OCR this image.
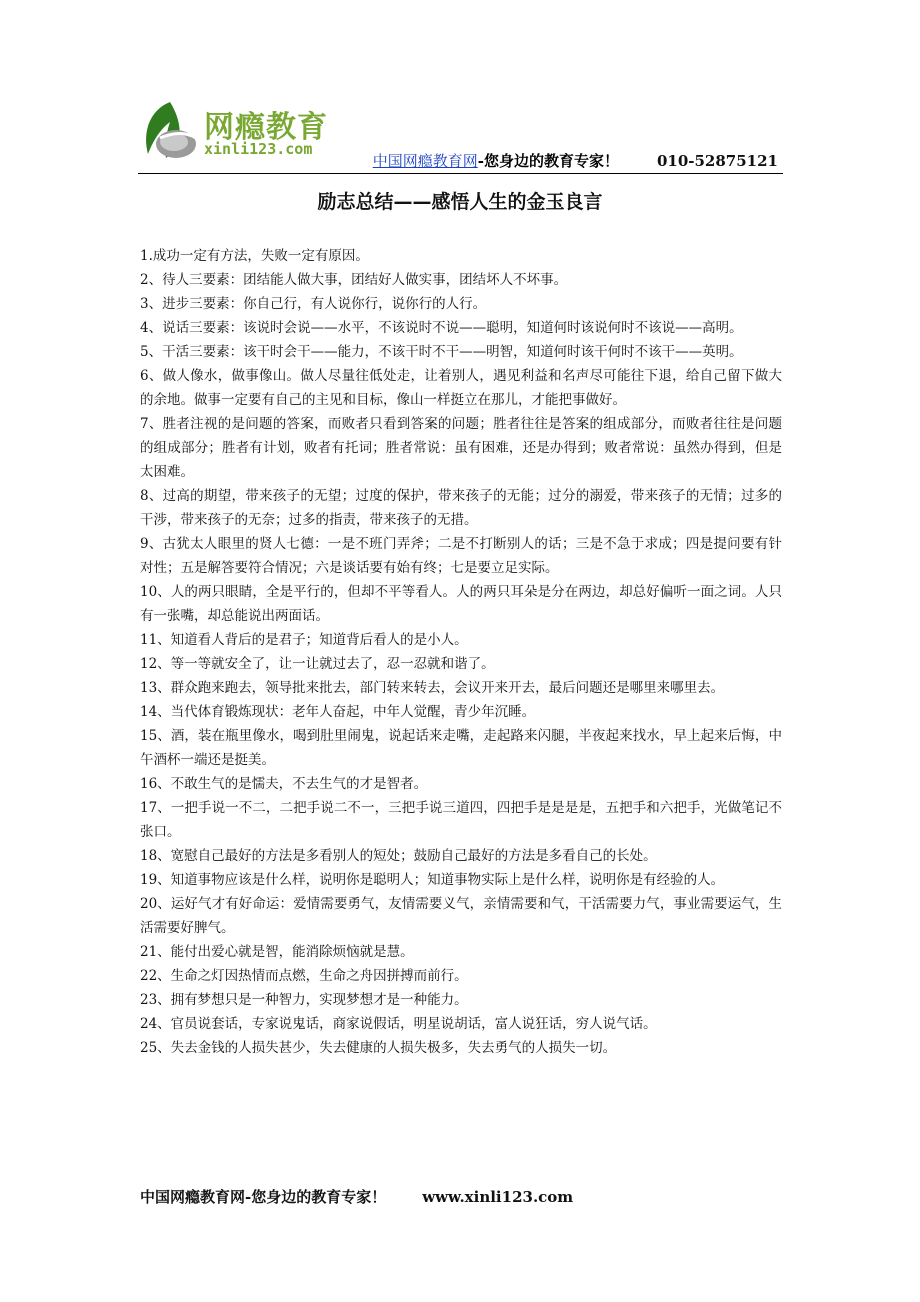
网瘾教育
xinli123.com
中国网瘾教育网-您身边的教育专家！	010-52875121
励志总结——感悟人生的金玉良言

1.成功一定有方法，失败一定有原因。

2、待人三要素：团结能人做大事，团结好人做实事，团结坏人不坏事。

3、进步三要素：你自己行，有人说你行，说你行的人行。

4、说话三要素：该说时会说——水平，不该说时不说——聪明，知道何时该说何时不该说——高明。

5、干活三要素：该干时会干——能力，不该干时不干——明智，知道何时该干何时不该干——英明。

6、做人像水，做事像山。做人尽量往低处走，让着别人，遇见利益和名声尽可能往下退，给自己留下做大的余地。做事一定要有自己的主见和目标，像山一样挺立在那儿，才能把事做好。

7、胜者注视的是问题的答案，而败者只看到答案的问题；胜者往往是答案的组成部分，而败者往往是问题的组成部分；胜者有计划，败者有托词；胜者常说：虽有困难，还是办得到；败者常说：虽然办得到，但是太困难。

8、过高的期望，带来孩子的无望；过度的保护，带来孩子的无能；过分的溺爱，带来孩子的无情；过多的干涉，带来孩子的无奈；过多的指责，带来孩子的无措。

9、古犹太人眼里的贤人七德：一是不班门弄斧；二是不打断别人的话；三是不急于求成；四是提问要有针对性；五是解答要符合情况；六是谈话要有始有终；七是要立足实际。

10、人的两只眼睛，全是平行的，但却不平等看人。人的两只耳朵是分在两边，却总好偏听一面之词。人只有一张嘴，却总能说出两面话。

11、知道看人背后的是君子；知道背后看人的是小人。

12、等一等就安全了，让一让就过去了，忍一忍就和谐了。

13、群众跑来跑去，领导批来批去，部门转来转去，会议开来开去，最后问题还是哪里来哪里去。

14、当代体育锻炼现状：老年人奋起，中年人觉醒，青少年沉睡。

15、酒，装在瓶里像水，喝到肚里闹鬼，说起话来走嘴，走起路来闪腿，半夜起来找水，早上起来后悔，中午酒杯一端还是挺美。

16、不敢生气的是懦夫，不去生气的才是智者。

17、一把手说一不二，二把手说二不一，三把手说三道四，四把手是是是是，五把手和六把手，光做笔记不张口。

18、宽慰自己最好的方法是多看别人的短处；鼓励自己最好的方法是多看自己的长处。

19、知道事物应该是什么样，说明你是聪明人；知道事物实际上是什么样，说明你是有经验的人。

20、运好气才有好命运：爱情需要勇气，友情需要义气，亲情需要和气，干活需要力气，事业需要运气，生活需要好脾气。

21、能付出爱心就是智，能消除烦恼就是慧。

22、生命之灯因热情而点燃，生命之舟因拼搏而前行。

23、拥有梦想只是一种智力，实现梦想才是一种能力。

24、官员说套话，专家说鬼话，商家说假话，明星说胡话，富人说狂话，穷人说气话。

25、失去金钱的人损失甚少，失去健康的人损失极多，失去勇气的人损失一切。

中国网瘾教育网-您身边的教育专家！ www.xinli123.com
